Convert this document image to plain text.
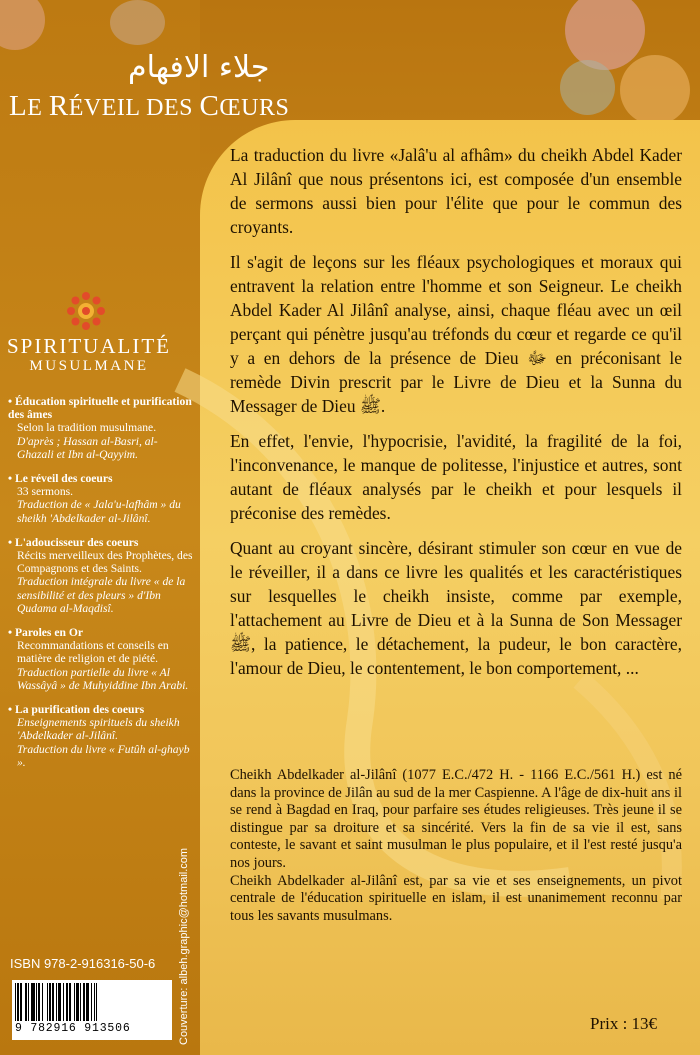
جلاء الافهام
LE RÉVEIL DES CŒURS
SPIRITUALITÉ
MUSULMANE
• Éducation spirituelle et purification des âmes
Selon la tradition musulmane.
D'après ; Hassan al-Basri, al-Ghazali et Ibn al-Qayyim.
• Le réveil des coeurs
33 sermons.
Traduction de « Jala'u-lafhâm » du sheikh 'Abdelkader al-Jilânî.
• L'adoucisseur des coeurs
Récits merveilleux des Prophètes, des Compagnons et des Saints.
Traduction intégrale du livre « de la sensibilité et des pleurs » d'Ibn Qudama al-Maqdisî.
• Paroles en Or
Recommandations et conseils en matière de religion et de piété.
Traduction partielle du livre « Al Wassâyâ » de Muhyiddine Ibn Arabi.
• La purification des coeurs
Enseignements spirituels du sheikh 'Abdelkader al-Jilânî.
Traduction du livre « Futûh al-ghayb ».
ISBN 978-2-916316-50-6
9 782916 913506	Couverture: albeh.graphic@hotmail.com

La traduction du livre «Jalâ'u al afhâm» du cheikh Abdel Kader Al Jilânî que nous présentons ici, est composée d'un ensemble de sermons aussi bien pour l'élite que pour le commun des croyants.

Il s'agit de leçons sur les fléaux psychologiques et moraux qui entravent la relation entre l'homme et son Seigneur. Le cheikh Abdel Kader Al Jilânî analyse, ainsi, chaque fléau avec un œil perçant qui pénètre jusqu'au tréfonds du cœur et regarde ce qu'il y a en dehors de la présence de Dieu ﷻ en préconisant le remède Divin prescrit par le Livre de Dieu et la Sunna du Messager de Dieu ﷺ.

En effet, l'envie, l'hypocrisie, l'avidité, la fragilité de la foi, l'inconvenance, le manque de politesse, l'injustice et autres, sont autant de fléaux analysés par le cheikh et pour lesquels il préconise des remèdes.

Quant au croyant sincère, désirant stimuler son cœur en vue de le réveiller, il a dans ce livre les qualités et les caractéristiques sur lesquelles le cheikh insiste, comme par exemple, l'attachement au Livre de Dieu et à la Sunna de Son Messager ﷺ, la patience, le détachement, la pudeur, le bon caractère, l'amour de Dieu, le contentement, le bon comportement, ...

Cheikh Abdelkader al-Jilânî (1077 E.C./472 H. - 1166 E.C./561 H.) est né dans la province de Jilân au sud de la mer Caspienne. A l'âge de dix-huit ans il se rend à Bagdad en Iraq, pour parfaire ses études religieuses. Très jeune il se distingue par sa droiture et sa sincérité. Vers la fin de sa vie il est, sans conteste, le savant et saint musulman le plus populaire, et il l'est resté jusqu'a nos jours.

Cheikh Abdelkader al-Jilânî est, par sa vie et ses enseignements, un pivot centrale de l'éducation spirituelle en islam, il est unanimement reconnu par tous les savants musulmans.

Prix : 13€
